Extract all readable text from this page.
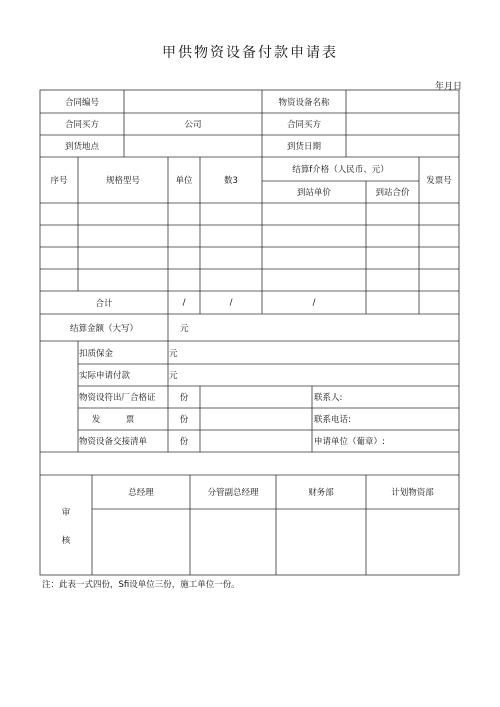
甲供物资设备付款申请表
年月日
合同编号	物资设备名称
合同买方	公司	合同买方
到货地点	到货日期
序号	规格型号	单位	数3
结算f介格（人民币、元）
到站单价	到站合价
发票号
合计	/	/	/
结算金额（大写）	元
扣质保金	元
实际申请付款	元
物资设符出厂合格证	份	联系人:
发	票	份	联系电话:
物资设备交接清单	份	申请单位（葡章）:
审
核
总经理	分管副总经理	财务部	计划物资部
注：此表一式四份，Sfi设单位三份，施工单位一份。
